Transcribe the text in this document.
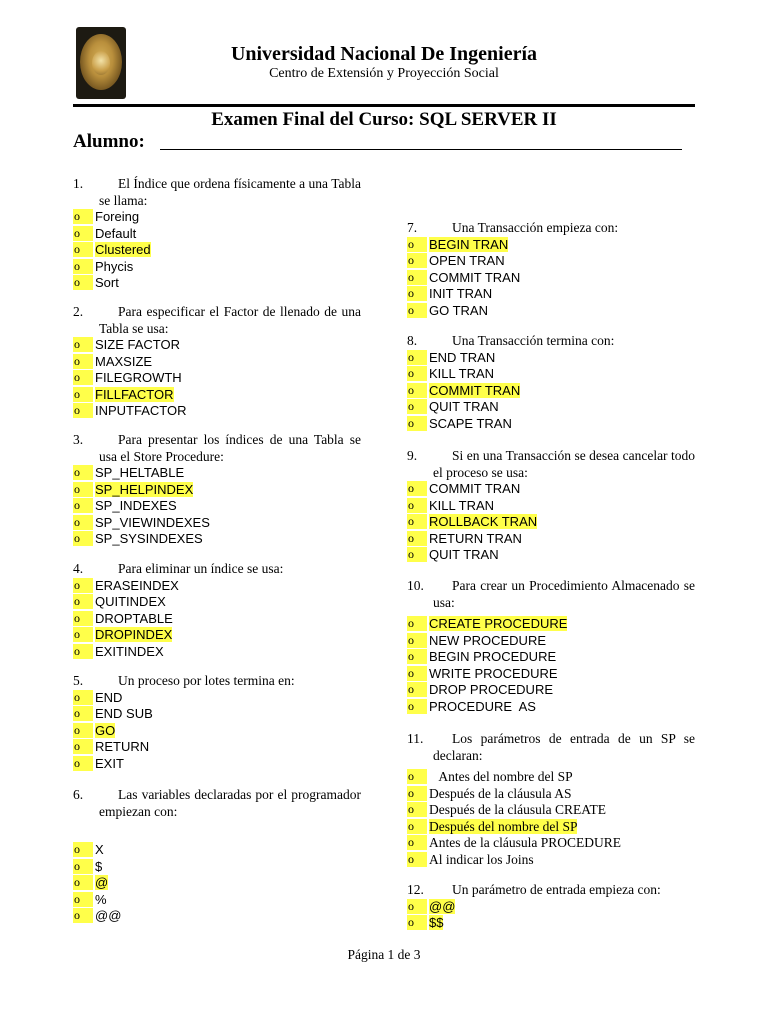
Universidad Nacional De Ingeniería
Centro de Extensión y Proyección Social
Examen Final del Curso: SQL SERVER II
Alumno:
1.	El Índice que ordena físicamente a una Tabla se llama:
o	Foreing
o	Default
o	Clustered
o	Phycis
o	Sort
2.	Para especificar el Factor de llenado de una Tabla se usa:
o	SIZE FACTOR
o	MAXSIZE
o	FILEGROWTH
o	FILLFACTOR
o	INPUTFACTOR
3.	Para presentar los índices de una Tabla se usa el Store Procedure:
o	SP_HELTABLE
o	SP_HELPINDEX
o	SP_INDEXES
o	SP_VIEWINDEXES
o	SP_SYSINDEXES
4.	Para eliminar un índice se usa:
o	ERASEINDEX
o	QUITINDEX
o	DROPTABLE
o	DROPINDEX
o	EXITINDEX
5.	Un proceso por lotes termina en:
o	END
o	END SUB
o	GO
o	RETURN
o	EXIT
6.	Las variables declaradas por el programador empiezan con:
o	X
o	$
o	@
o	%
o	@@
7.	Una Transacción empieza con:
o	BEGIN TRAN
o	OPEN TRAN
o	COMMIT TRAN
o	INIT TRAN
o	GO TRAN
8.	Una Transacción termina con:
o	END TRAN
o	KILL TRAN
o	COMMIT TRAN
o	QUIT TRAN
o	SCAPE TRAN
9.	Si en una Transacción se desea cancelar todo el proceso se usa:
o	COMMIT TRAN
o	KILL TRAN
o	ROLLBACK TRAN
o	RETURN TRAN
o	QUIT TRAN
10.	Para crear un Procedimiento Almacenado se usa:
o	CREATE PROCEDURE
o	NEW PROCEDURE
o	BEGIN PROCEDURE
o	WRITE PROCEDURE
o	DROP PROCEDURE
o	PROCEDURE  AS
11.	Los parámetros de entrada de un SP se declaran:
o	Antes del nombre del SP
o	Después de la cláusula AS
o	Después de la cláusula CREATE
o	Después del nombre del SP
o	Antes de la cláusula PROCEDURE
o	Al indicar los Joins
12.	Un parámetro de entrada empieza con:
o	@@
o	$$
Página 1 de 3
